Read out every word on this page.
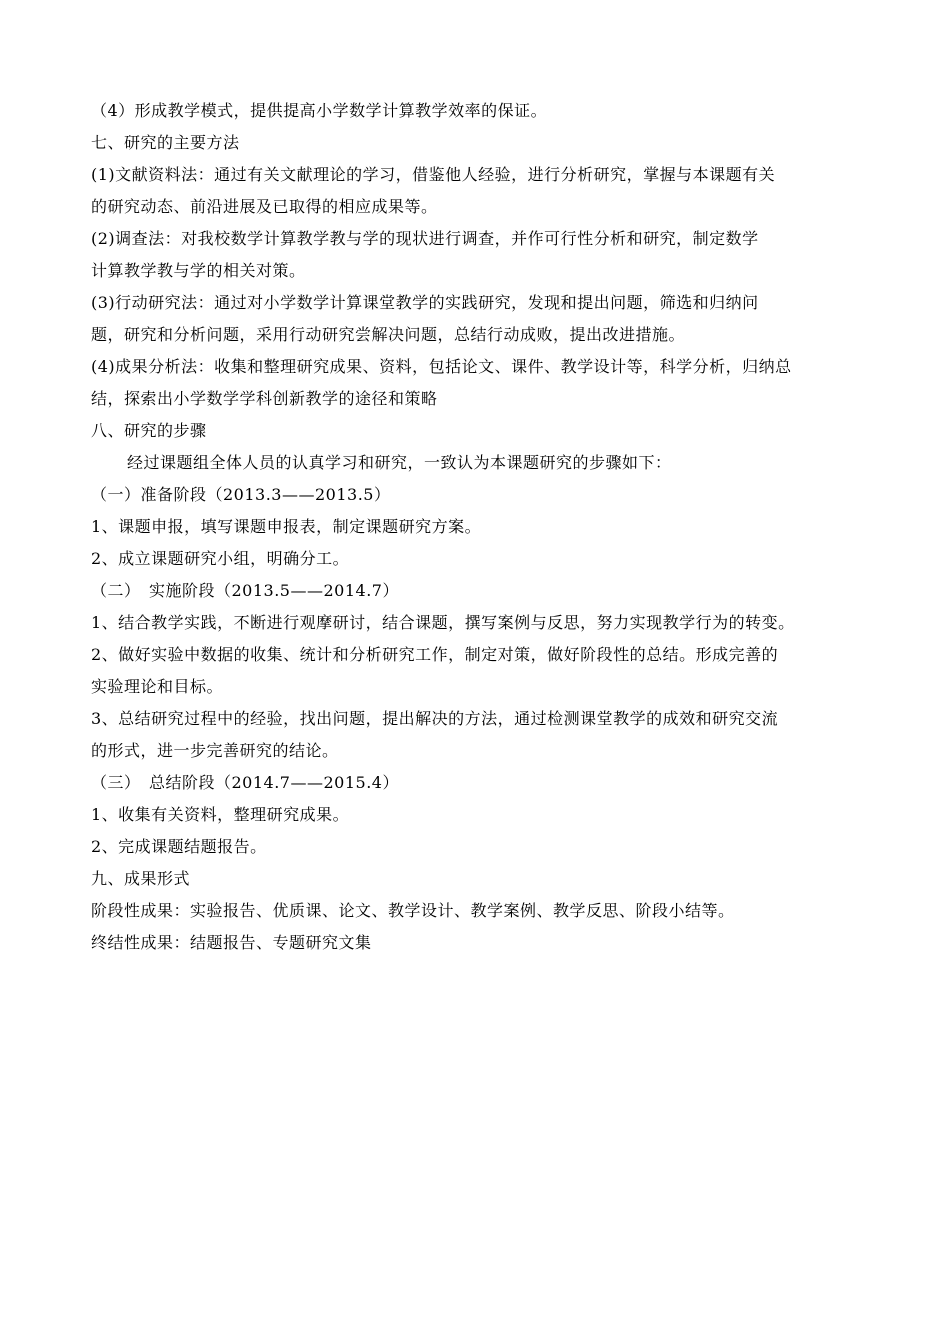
（4）形成教学模式，提供提高小学数学计算教学效率的保证。
七、研究的主要方法
(1)文献资料法：通过有关文献理论的学习，借鉴他人经验，进行分析研究，掌握与本课题有关
的研究动态、前沿进展及已取得的相应成果等。
(2)调查法：对我校数学计算教学教与学的现状进行调查，并作可行性分析和研究，制定数学
计算教学教与学的相关对策。
(3)行动研究法：通过对小学数学计算课堂教学的实践研究，发现和提出问题，筛选和归纳问
题，研究和分析问题，采用行动研究尝解决问题，总结行动成败，提出改进措施。
(4)成果分析法：收集和整理研究成果、资料，包括论文、课件、教学设计等，科学分析，归纳总
结，探索出小学数学学科创新教学的途径和策略
八、研究的步骤
经过课题组全体人员的认真学习和研究，一致认为本课题研究的步骤如下：
（一）准备阶段（2013.3——2013.5）
1、课题申报，填写课题申报表，制定课题研究方案。
2、成立课题研究小组，明确分工。
（二）　实施阶段（2013.5——2014.7）
1、结合教学实践，不断进行观摩研讨，结合课题，撰写案例与反思，努力实现教学行为的转变。
2、做好实验中数据的收集、统计和分析研究工作，制定对策，做好阶段性的总结。形成完善的
实验理论和目标。
3、总结研究过程中的经验，找出问题，提出解决的方法，通过检测课堂教学的成效和研究交流
的形式，进一步完善研究的结论。
（三）　总结阶段（2014.7——2015.4）
1、收集有关资料，整理研究成果。
2、完成课题结题报告。
九、成果形式
阶段性成果：实验报告、优质课、论文、教学设计、教学案例、教学反思、阶段小结等。
终结性成果：结题报告、专题研究文集
